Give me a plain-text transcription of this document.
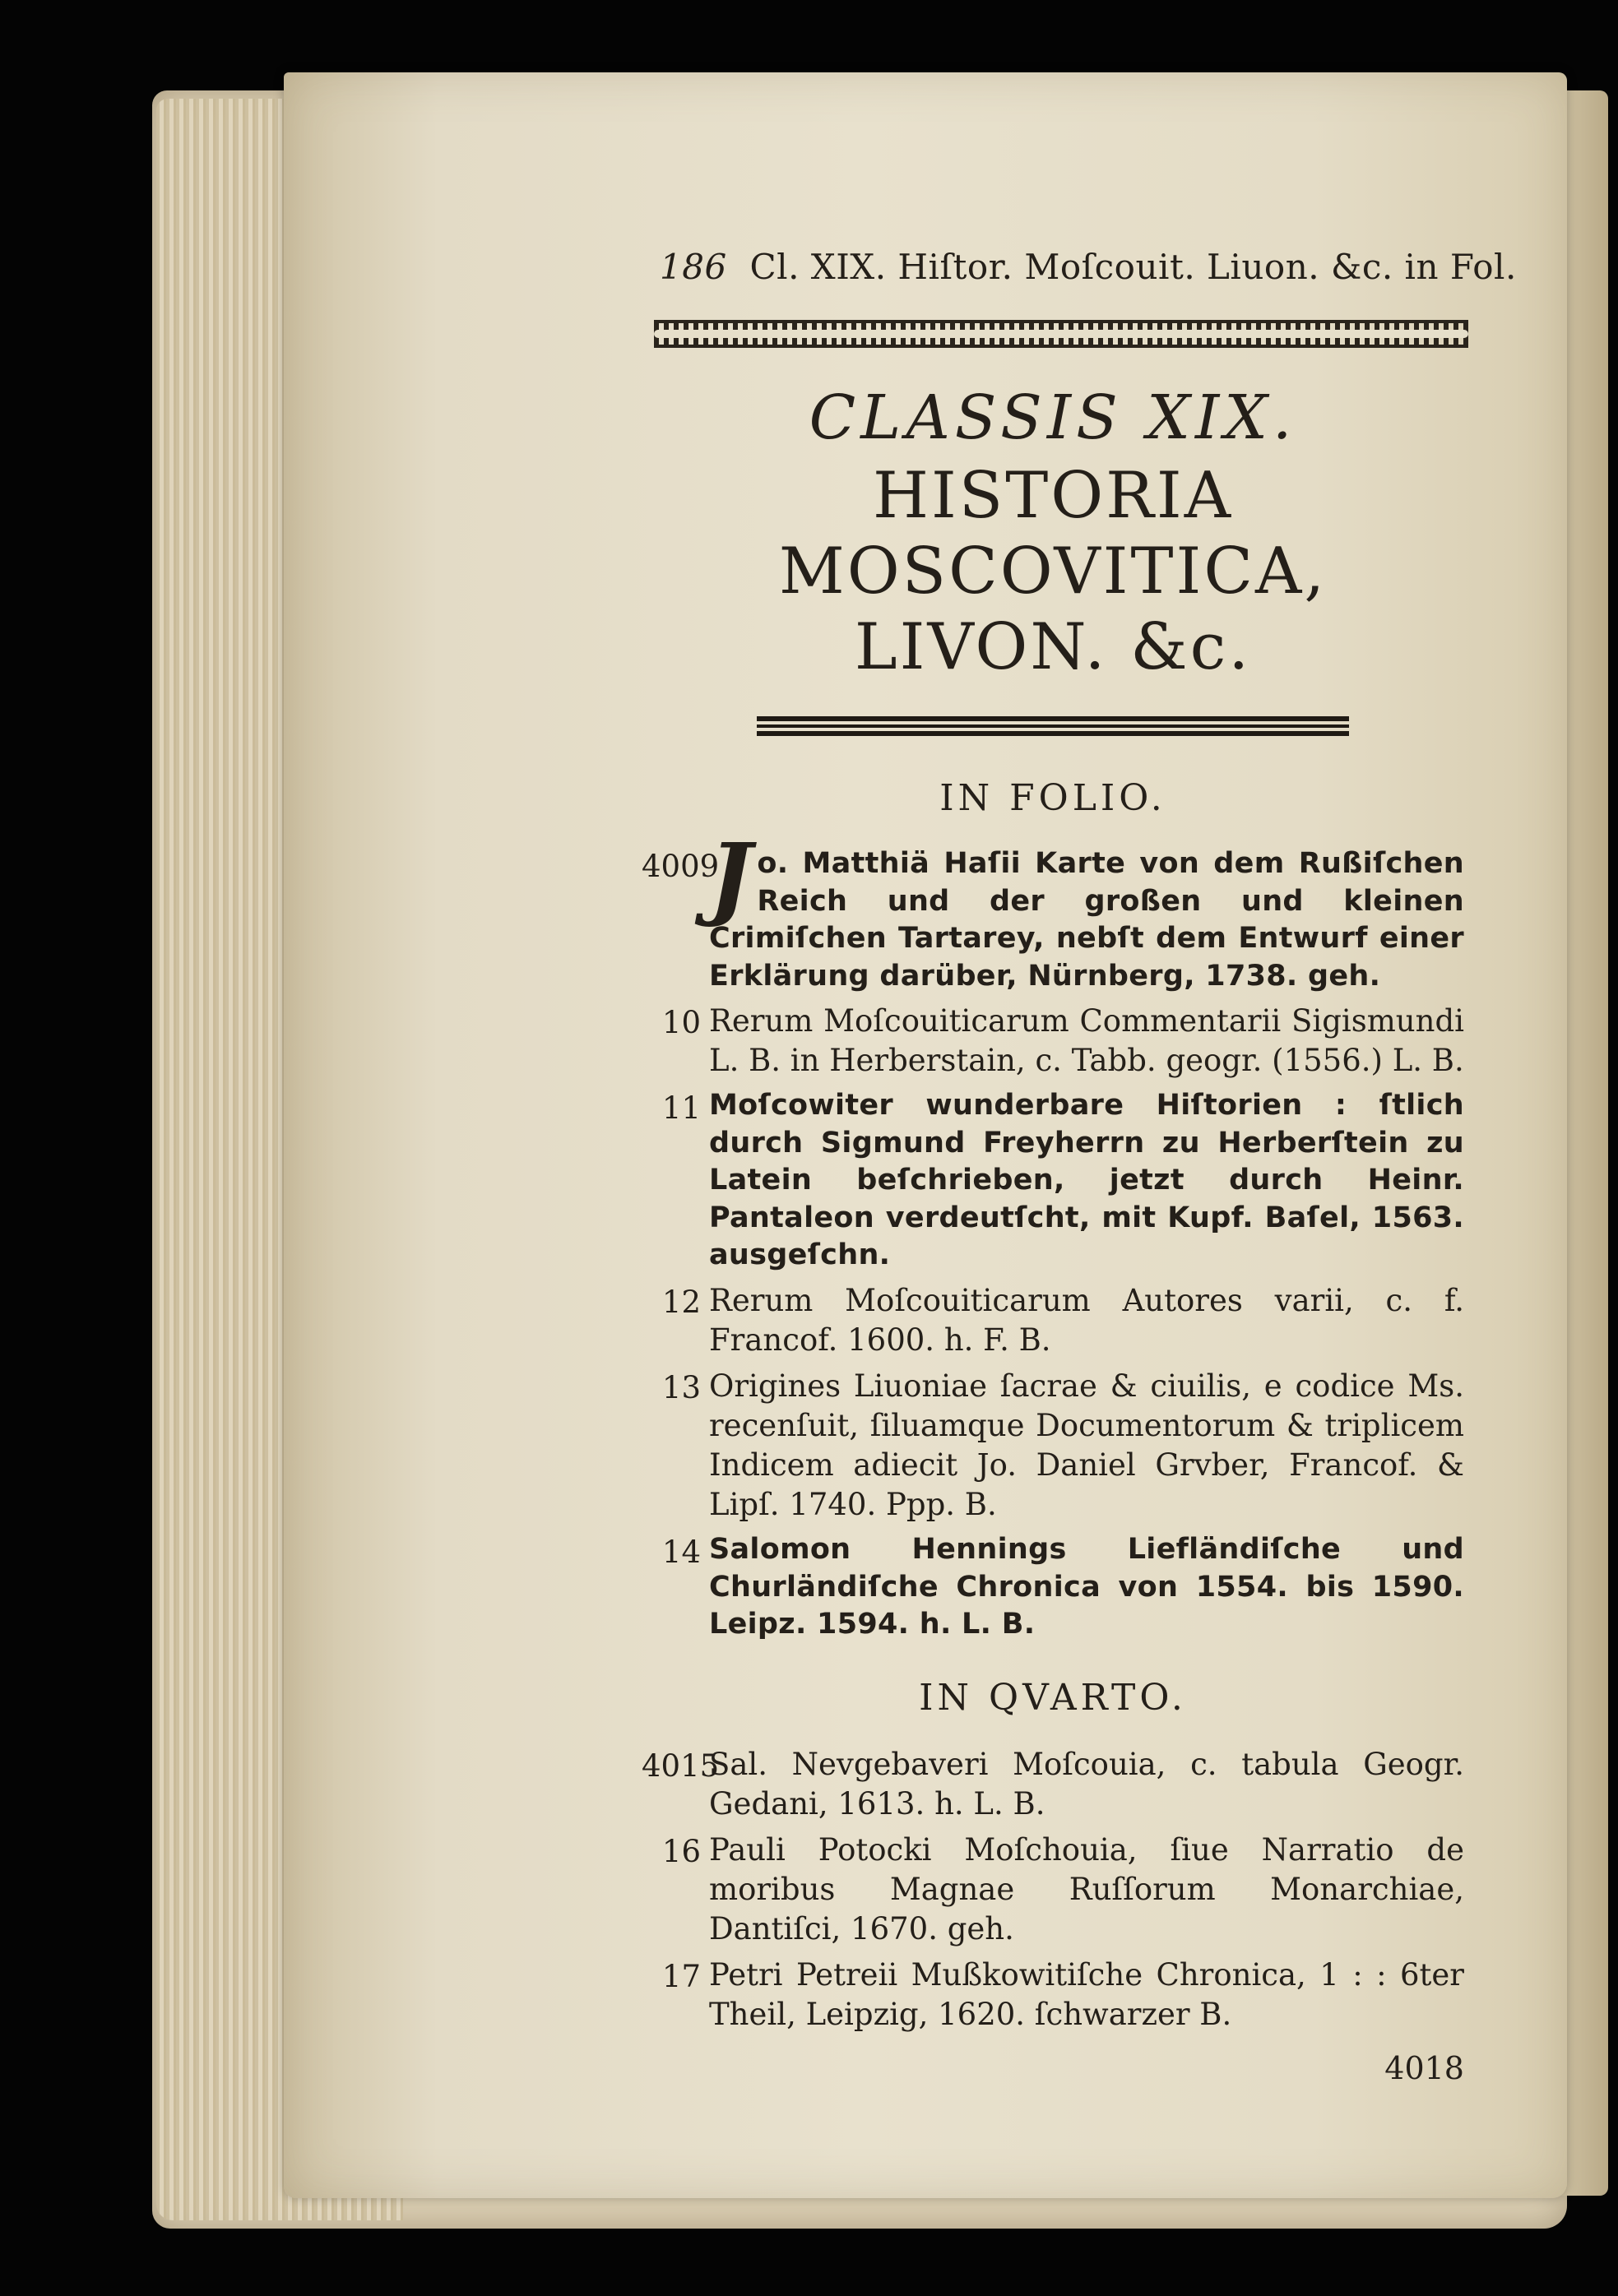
186 Cl. XIX. Hiſtor. Moſcouit. Liuon. &c. in Fol.
CLASSIS XIX.
HISTORIA MOSCOVITICA,
LIVON. &c.
IN FOLIO.
4009
J o. Matthiä Haſii Karte von dem Rußiſchen Reich und der großen und kleinen Crimiſchen Tartarey, nebſt dem Entwurf einer Erklärung darüber, Nürnberg, 1738. geh.
10 Rerum Moſcouiticarum Commentarii Sigismundi L. B. in Herberstain, c. Tabb. geogr. (1556.) L. B.
11 Moſcowiter wunderbare Hiſtorien : ſtlich durch Sigmund Freyherrn zu Herberſtein zu Latein beſchrieben, jetzt durch Heinr. Pantaleon verdeutſcht, mit Kupf. Baſel, 1563. ausgeſchn.
12 Rerum Moſcouiticarum Autores varii, c. f. Francof. 1600. h. F. B.
13 Origines Liuoniae ſacrae & ciuilis, e codice Ms. recenſuit, ſiluamque Documentorum & triplicem Indicem adiecit Jo. Daniel Grvber, Francof. & Lipſ. 1740. Ppp. B.
14 Salomon Hennings Liefländiſche und Churländiſche Chronica von 1554. bis 1590. Leipz. 1594. h. L. B.
IN QVARTO.
4015
Sal. Nevgebaveri Moſcouia, c. tabula Geogr. Gedani, 1613. h. L. B.
16 Pauli Potocki Moſchouia, ſiue Narratio de moribus Magnae Ruſſorum Monarchiae, Dantiſci, 1670. geh.
17 Petri Petreii Mußkowitiſche Chronica, 1 : : 6ter Theil, Leipzig, 1620. ſchwarzer B.
4018
